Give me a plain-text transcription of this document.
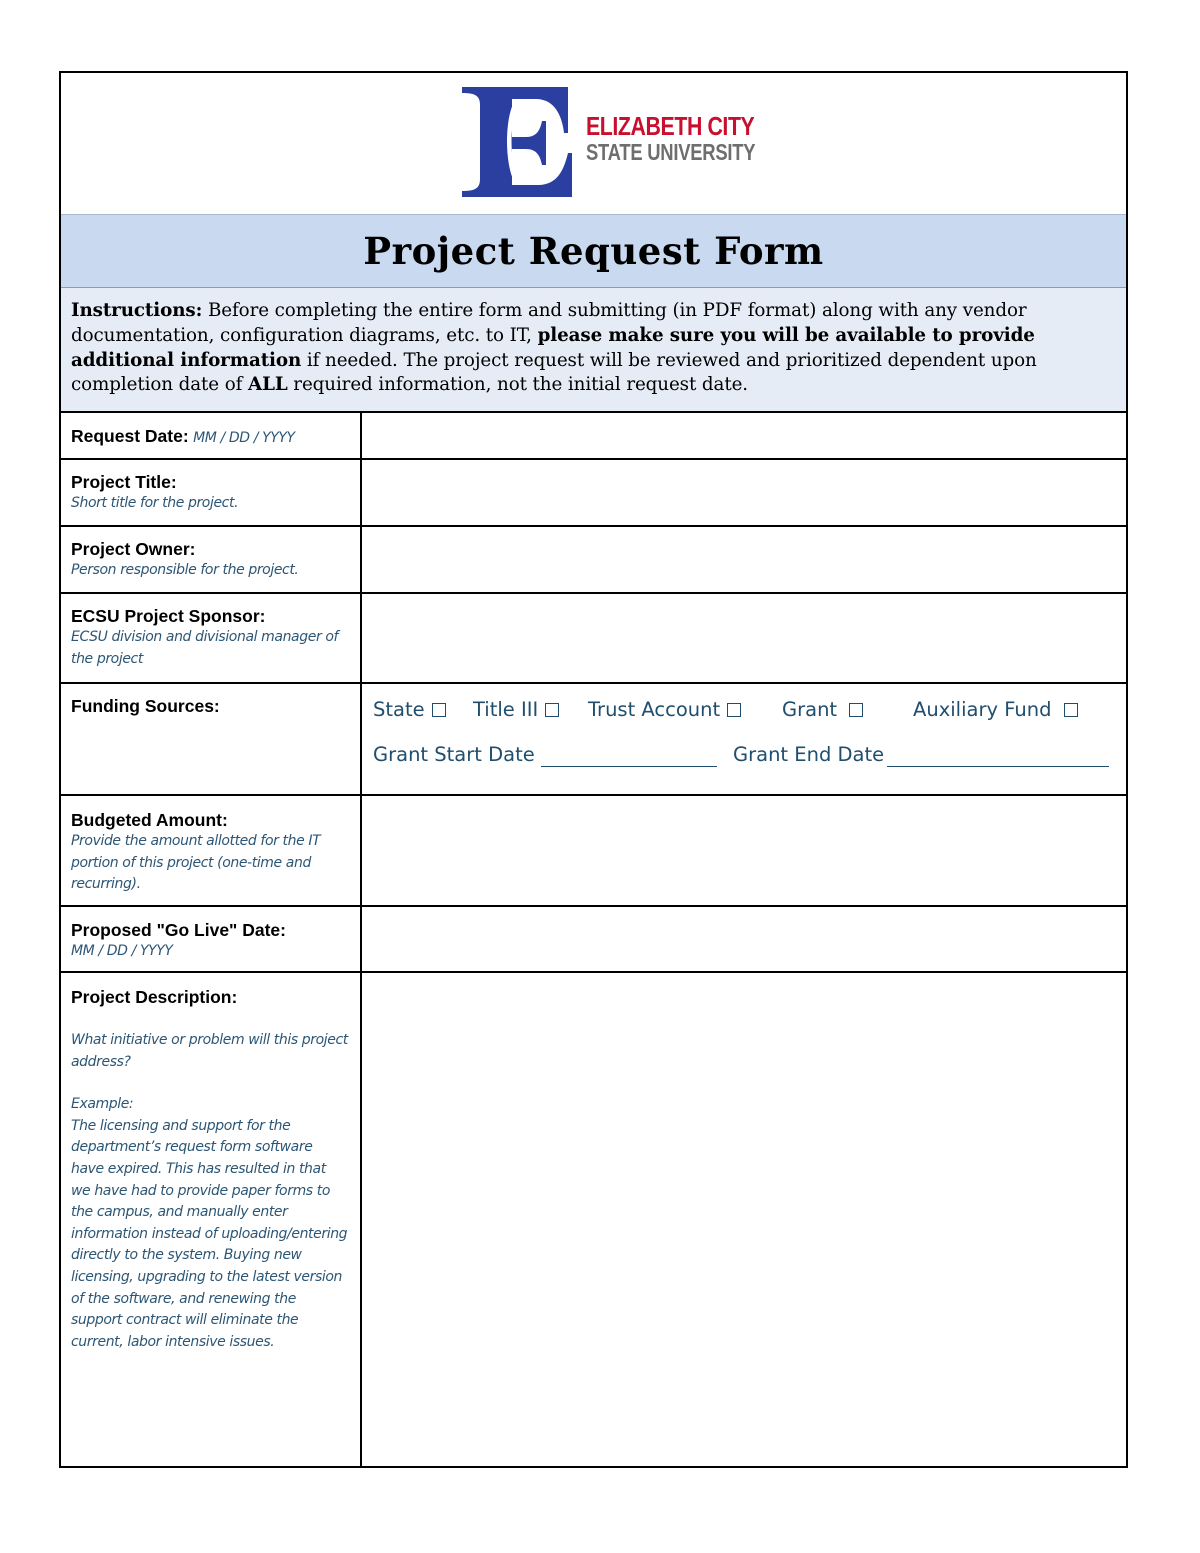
ELIZABETH CITY
STATE UNIVERSITY
Project Request Form
Instructions: Before completing the entire form and submitting (in PDF format) along with any vendor documentation, configuration diagrams, etc. to IT, please make sure you will be available to provide additional information if needed. The project request will be reviewed and prioritized dependent upon completion date of ALL required information, not the initial request date.
Request Date: MM / DD / YYYY
Project Title:
Short title for the project.
Project Owner:
Person responsible for the project.
ECSU Project Sponsor:
ECSU division and divisional manager of the project
Funding Sources:	State	Title III	Trust Account	Grant	Auxiliary Fund
Grant Start Date	Grant End Date
Budgeted Amount:
Provide the amount allotted for the IT portion of this project (one-time and recurring).
Proposed "Go Live" Date:
MM / DD / YYYY
Project Description:
What initiative or problem will this project address?
Example:
The licensing and support for the department’s request form software have expired. This has resulted in that we have had to provide paper forms to the campus, and manually enter information instead of uploading/entering directly to the system. Buying new licensing, upgrading to the latest version of the software, and renewing the support contract will eliminate the current, labor intensive issues.
